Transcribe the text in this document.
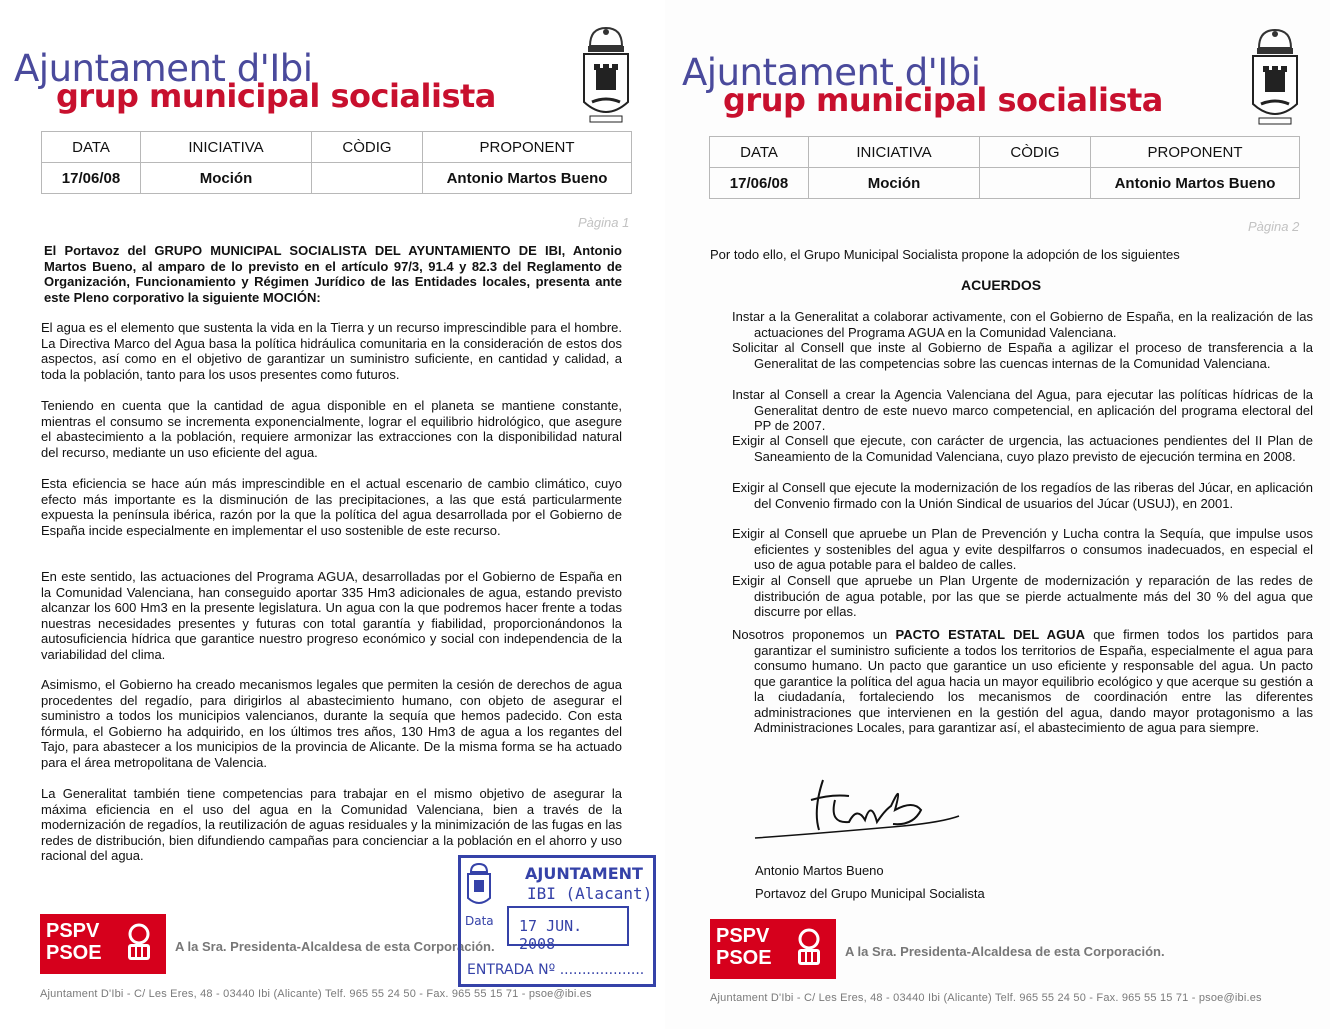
Ajuntament d'Ibi
grup municipal socialista
DATA	INICIATIVA	CÒDIG	PROPONENT
17/06/08	Moción		Antonio Martos Bueno
Pàgina 1
El Portavoz del GRUPO MUNICIPAL SOCIALISTA DEL AYUNTAMIENTO DE IBI, Antonio Martos Bueno, al amparo de lo previsto en el artículo 97/3, 91.4 y 82.3 del Reglamento de Organización, Funcionamiento y Régimen Jurídico de las Entidades locales, presenta ante este Pleno corporativo la siguiente MOCIÓN:

El agua es el elemento que sustenta la vida en la Tierra y un recurso imprescindible para el hombre. La Directiva Marco del Agua basa la política hidráulica comunitaria en la consideración de estos dos aspectos, así como en el objetivo de garantizar un suministro suficiente, en cantidad y calidad, a toda la población, tanto para los usos presentes como futuros.

Teniendo en cuenta que la cantidad de agua disponible en el planeta se mantiene constante, mientras el consumo se incrementa exponencialmente, lograr el equilibrio hidrológico, que asegure el abastecimiento a la población, requiere armonizar las extracciones con la disponibilidad natural del recurso, mediante un uso eficiente del agua.

Esta eficiencia se hace aún más imprescindible en el actual escenario de cambio climático, cuyo efecto más importante es la disminución de las precipitaciones, a las que está particularmente expuesta la península ibérica, razón por la que la política del agua desarrollada por el Gobierno de España incide especialmente en implementar el uso sostenible de este recurso.

En este sentido, las actuaciones del Programa AGUA, desarrolladas por el Gobierno de España en la Comunidad Valenciana, han conseguido aportar 335 Hm3 adicionales de agua, estando previsto alcanzar los 600 Hm3 en la presente legislatura. Un agua con la que podremos hacer frente a todas nuestras necesidades presentes y futuras con total garantía y fiabilidad, proporcionándonos la autosuficiencia hídrica que garantice nuestro progreso económico y social con independencia de la variabilidad del clima.

Asimismo, el Gobierno ha creado mecanismos legales que permiten la cesión de derechos de agua procedentes del regadío, para dirigirlos al abastecimiento humano, con objeto de asegurar el suministro a todos los municipios valencianos, durante la sequía que hemos padecido. Con esta fórmula, el Gobierno ha adquirido, en los últimos tres años, 130 Hm3 de agua a los regantes del Tajo, para abastecer a los municipios de la provincia de Alicante. De la misma forma se ha actuado para el área metropolitana de Valencia.

La Generalitat también tiene competencias para trabajar en el mismo objetivo de asegurar la máxima eficiencia en el uso del agua en la Comunidad Valenciana, bien a través de la modernización de regadíos, la reutilización de aguas residuales y la minimización de las fugas en las redes de distribución, bien difundiendo campañas para concienciar a la población en el ahorro y uso racional del agua.

PSPV
PSOE	A la Sra. Presidenta-Alcaldesa de esta Corporación.
Ajuntament D'Ibi - C/ Les Eres, 48 - 03440 Ibi (Alicante) Telf. 965 55 24 50 - Fax. 965 55 15 71 - psoe@ibi.es
AJUNTAMENT
IBI (Alacant)
Data 17 JUN. 2008
ENTRADA Nº ...................
Ajuntament d'Ibi
grup municipal socialista
DATA	INICIATIVA	CÒDIG	PROPONENT
17/06/08	Moción		Antonio Martos Bueno
Pàgina 2
Por todo ello, el Grupo Municipal Socialista propone la adopción de los siguientes
ACUERDOS

Instar a la Generalitat a colaborar activamente, con el Gobierno de España, en la realización de las actuaciones del Programa AGUA en la Comunidad Valenciana.

Solicitar al Consell que inste al Gobierno de España a agilizar el proceso de transferencia a la Generalitat de las competencias sobre las cuencas internas de la Comunidad Valenciana.

Instar al Consell a crear la Agencia Valenciana del Agua, para ejecutar las políticas hídricas de la Generalitat dentro de este nuevo marco competencial, en aplicación del programa electoral del PP de 2007.

Exigir al Consell que ejecute, con carácter de urgencia, las actuaciones pendientes del II Plan de Saneamiento de la Comunidad Valenciana, cuyo plazo previsto de ejecución termina en 2008.

Exigir al Consell que ejecute la modernización de los regadíos de las riberas del Júcar, en aplicación del Convenio firmado con la Unión Sindical de usuarios del Júcar (USUJ), en 2001.

Exigir al Consell que apruebe un Plan de Prevención y Lucha contra la Sequía, que impulse usos eficientes y sostenibles del agua y evite despilfarros o consumos inadecuados, en especial el uso de agua potable para el baldeo de calles.

Exigir al Consell que apruebe un Plan Urgente de modernización y reparación de las redes de distribución de agua potable, por las que se pierde actualmente más del 30 % del agua que discurre por ellas.

Nosotros proponemos un PACTO ESTATAL DEL AGUA que firmen todos los partidos para garantizar el suministro suficiente a todos los territorios de España, especialmente el agua para consumo humano. Un pacto que garantice un uso eficiente y responsable del agua. Un pacto que garantice la política del agua hacia un mayor equilibrio ecológico y que acerque su gestión a la ciudadanía, fortaleciendo los mecanismos de coordinación entre las diferentes administraciones que intervienen en la gestión del agua, dando mayor protagonismo a las Administraciones Locales, para garantizar así, el abastecimiento de agua para siempre.

Antonio Martos Bueno
Portavoz del Grupo Municipal Socialista
PSPV
PSOE	A la Sra. Presidenta-Alcaldesa de esta Corporación.
Ajuntament D'Ibi - C/ Les Eres, 48 - 03440 Ibi (Alicante) Telf. 965 55 24 50 - Fax. 965 55 15 71 - psoe@ibi.es
